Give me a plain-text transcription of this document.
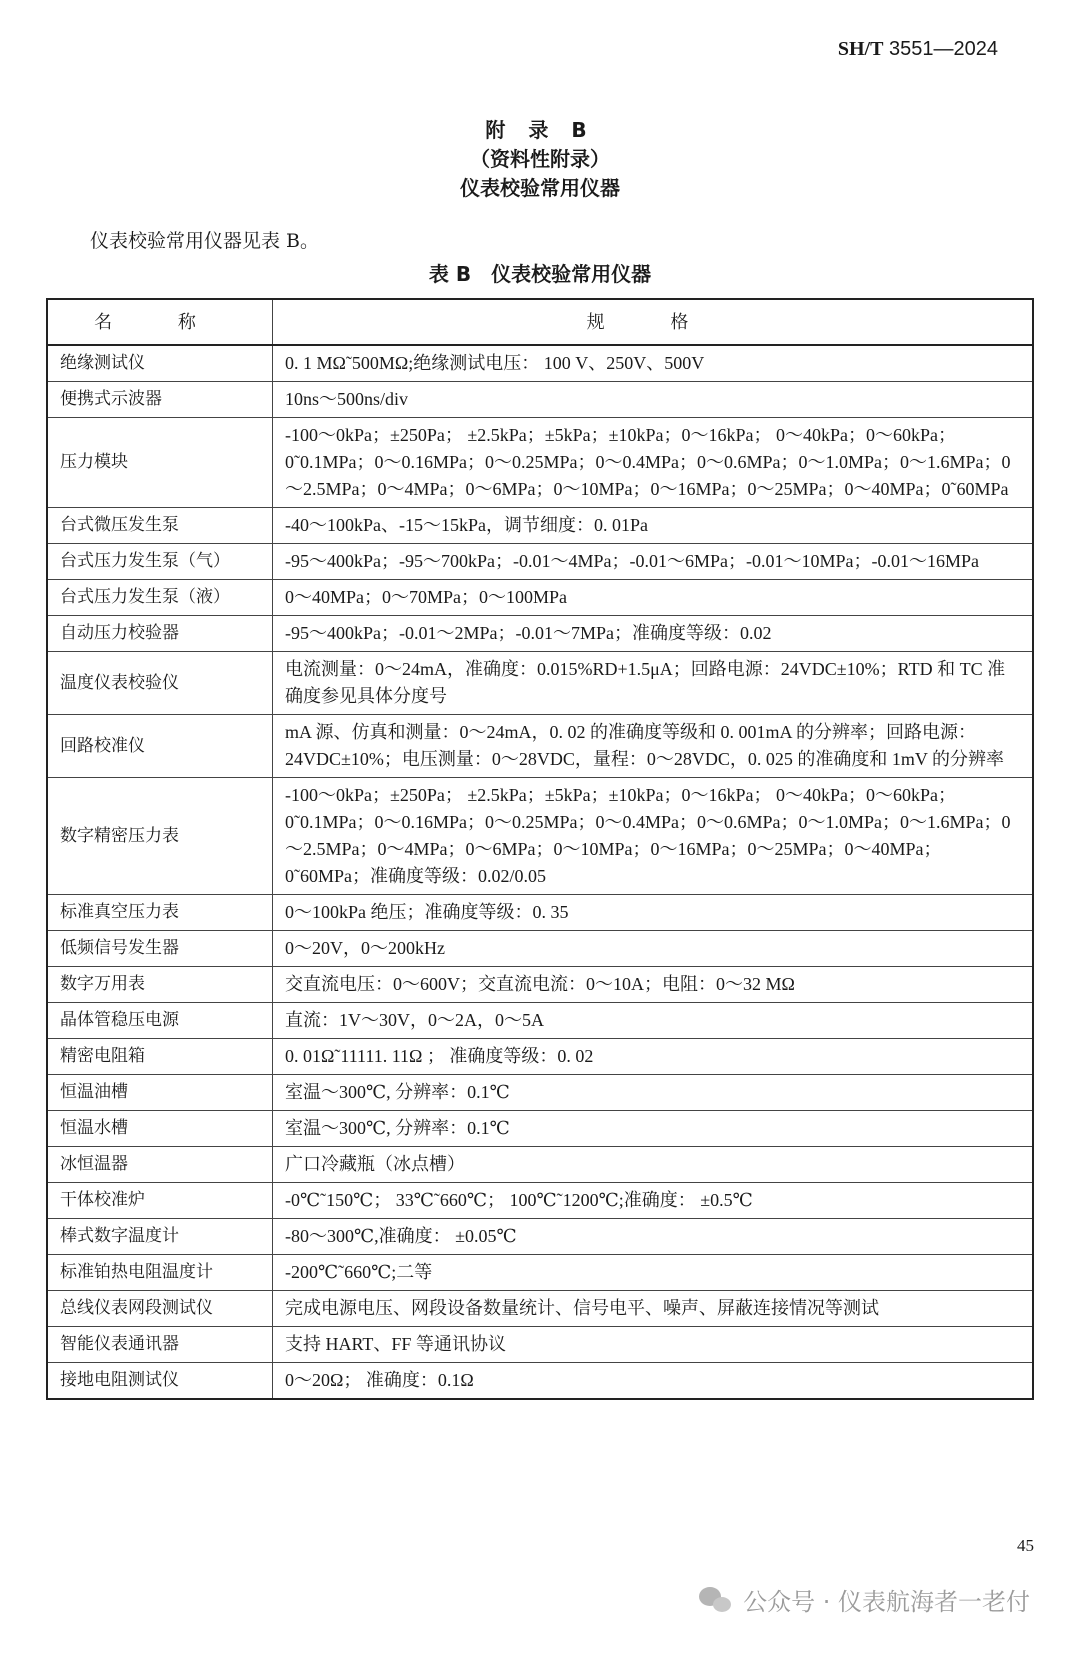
SH/T 3551—2024
附 录 B
（资料性附录）
仪表校验常用仪器
仪表校验常用仪器见表 B。
表 B　仪表校验常用仪器
名 称	规 格
绝缘测试仪	0. 1 MΩ˜500MΩ;绝缘测试电压： 100 V、250V、500V
便携式示波器	10ns～500ns/div
压力模块	-100～0kPa；±250Pa； ±2.5kPa；±5kPa；±10kPa；0～16kPa； 0～40kPa；0～60kPa；0˜0.1MPa；0～0.16MPa；0～0.25MPa；0～0.4MPa；0～0.6MPa；0～1.0MPa；0～1.6MPa；0～2.5MPa；0～4MPa；0～6MPa；0～10MPa；0～16MPa；0～25MPa；0～40MPa；0˜60MPa
台式微压发生泵	-40～100kPa、-15～15kPa，调节细度：0. 01Pa
台式压力发生泵（气）	-95～400kPa；-95～700kPa；-0.01～4MPa；-0.01～6MPa；-0.01～10MPa；-0.01～16MPa
台式压力发生泵（液）	0～40MPa；0～70MPa；0～100MPa
自动压力校验器	-95～400kPa；-0.01～2MPa；-0.01～7MPa；准确度等级：0.02
温度仪表校验仪	电流测量：0～24mA，准确度：0.015%RD+1.5μA；回路电源：24VDC±10%；RTD 和 TC 准确度参见具体分度号
回路校准仪	mA 源、仿真和测量：0～24mA，0. 02 的准确度等级和 0. 001mA 的分辨率；回路电源：24VDC±10%；电压测量：0～28VDC，量程：0～28VDC，0. 025 的准确度和 1mV 的分辨率
数字精密压力表	-100～0kPa；±250Pa； ±2.5kPa；±5kPa；±10kPa；0～16kPa； 0～40kPa；0～60kPa；0˜0.1MPa；0～0.16MPa；0～0.25MPa；0～0.4MPa；0～0.6MPa；0～1.0MPa；0～1.6MPa；0～2.5MPa；0～4MPa；0～6MPa；0～10MPa；0～16MPa；0～25MPa；0～40MPa；0˜60MPa；准确度等级：0.02/0.05
标准真空压力表	0～100kPa 绝压；准确度等级：0. 35
低频信号发生器	0～20V，0～200kHz
数字万用表	交直流电压：0～600V；交直流电流：0～10A；电阻：0～32 MΩ
晶体管稳压电源	直流：1V～30V，0～2A，0～5A
精密电阻箱	0. 01Ω˜11111. 11Ω ； 准确度等级：0. 02
恒温油槽	室温～300℃, 分辨率：0.1℃
恒温水槽	室温～300℃, 分辨率：0.1℃
冰恒温器	广口冷藏瓶（冰点槽）
干体校准炉	-0℃˜150℃； 33℃˜660℃； 100℃˜1200℃;准确度： ±0.5℃
棒式数字温度计	-80～300℃,准确度： ±0.05℃
标准铂热电阻温度计	-200℃˜660℃;二等
总线仪表网段测试仪	完成电源电压、网段设备数量统计、信号电平、噪声、屏蔽连接情况等测试
智能仪表通讯器	支持 HART、FF 等通讯协议
接地电阻测试仪	0～20Ω； 准确度：0.1Ω
45
公众号 · 仪表航海者一老付
